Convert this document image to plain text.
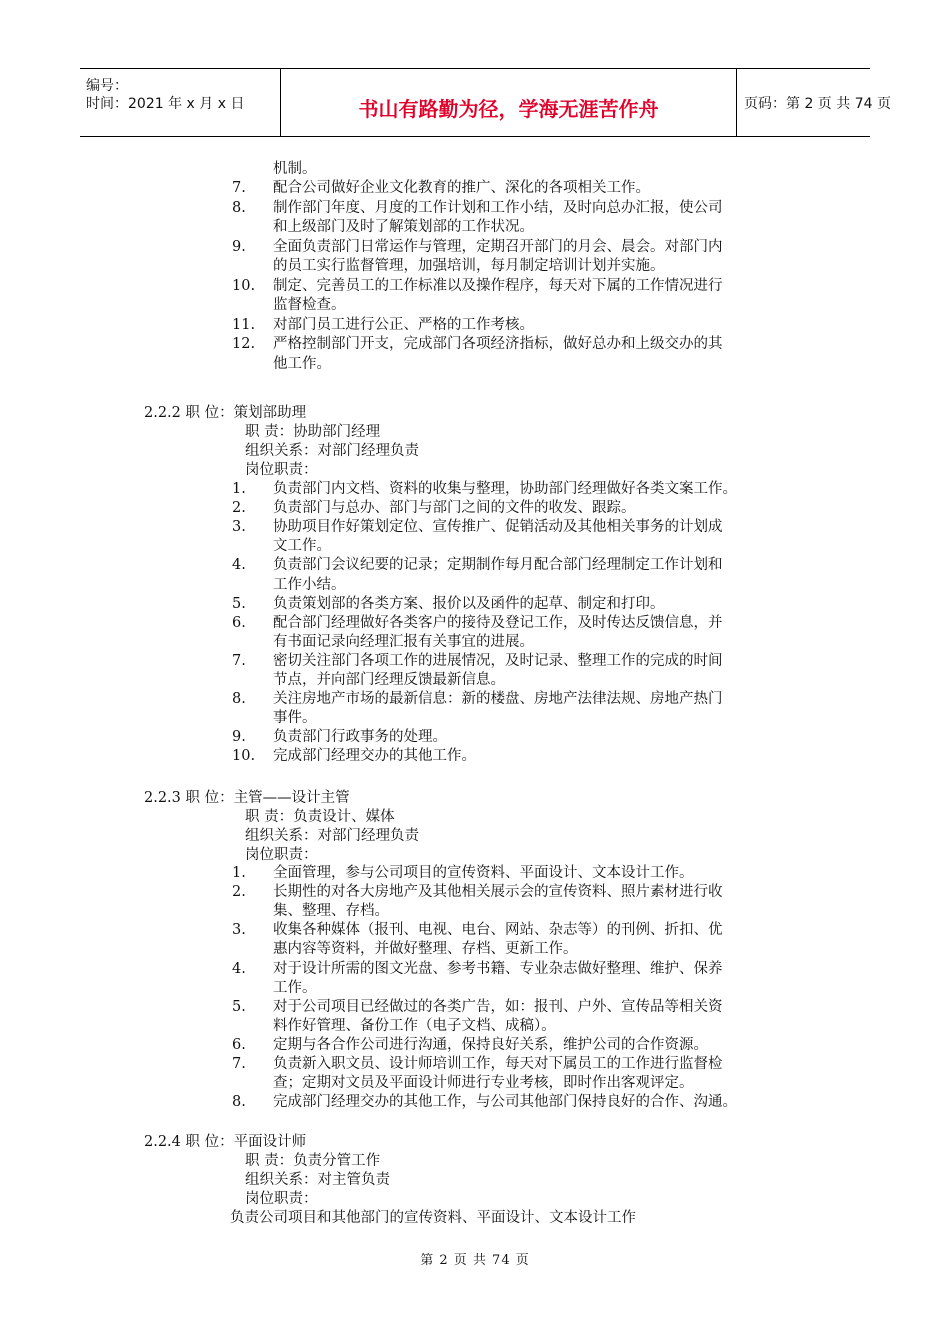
编号：
时间：2021 年 x 月 x 日	书山有路勤为径，学海无涯苦作舟	页码：第 2 页 共 74 页
机制。
7. 配合公司做好企业文化教育的推广、深化的各项相关工作。
8. 制作部门年度、月度的工作计划和工作小结，及时向总办汇报，使公司
和上级部门及时了解策划部的工作状况。
9. 全面负责部门日常运作与管理，定期召开部门的月会、晨会。对部门内
的员工实行监督管理，加强培训，每月制定培训计划并实施。
10. 制定、完善员工的工作标准以及操作程序，每天对下属的工作情况进行
监督检查。
11. 对部门员工进行公正、严格的工作考核。
12. 严格控制部门开支，完成部门各项经济指标，做好总办和上级交办的其
他工作。
2.2.2 职 位：策划部助理
职 责：协助部门经理
组织关系：对部门经理负责
岗位职责：
1. 负责部门内文档、资料的收集与整理，协助部门经理做好各类文案工作。
2. 负责部门与总办、部门与部门之间的文件的收发、跟踪。
3. 协助项目作好策划定位、宣传推广、促销活动及其他相关事务的计划成
文工作。
4. 负责部门会议纪要的记录；定期制作每月配合部门经理制定工作计划和
工作小结。
5. 负责策划部的各类方案、报价以及函件的起草、制定和打印。
6. 配合部门经理做好各类客户的接待及登记工作，及时传达反馈信息，并
有书面记录向经理汇报有关事宜的进展。
7. 密切关注部门各项工作的进展情况，及时记录、整理工作的完成的时间
节点，并向部门经理反馈最新信息。
8. 关注房地产市场的最新信息：新的楼盘、房地产法律法规、房地产热门
事件。
9. 负责部门行政事务的处理。
10. 完成部门经理交办的其他工作。
2.2.3 职 位：主管——设计主管
职 责：负责设计、媒体
组织关系：对部门经理负责
岗位职责：
1. 全面管理，参与公司项目的宣传资料、平面设计、文本设计工作。
2. 长期性的对各大房地产及其他相关展示会的宣传资料、照片素材进行收
集、整理、存档。
3. 收集各种媒体（报刊、电视、电台、网站、杂志等）的刊例、折扣、优
惠内容等资料，并做好整理、存档、更新工作。
4. 对于设计所需的图文光盘、参考书籍、专业杂志做好整理、维护、保养
工作。
5. 对于公司项目已经做过的各类广告，如：报刊、户外、宣传品等相关资
料作好管理、备份工作（电子文档、成稿）。
6. 定期与各合作公司进行沟通，保持良好关系，维护公司的合作资源。
7. 负责新入职文员、设计师培训工作，每天对下属员工的工作进行监督检
查；定期对文员及平面设计师进行专业考核，即时作出客观评定。
8. 完成部门经理交办的其他工作，与公司其他部门保持良好的合作、沟通。
2.2.4 职 位：平面设计师
职 责：负责分管工作
组织关系：对主管负责
岗位职责：
负责公司项目和其他部门的宣传资料、平面设计、文本设计工作
第 2 页 共 74 页
